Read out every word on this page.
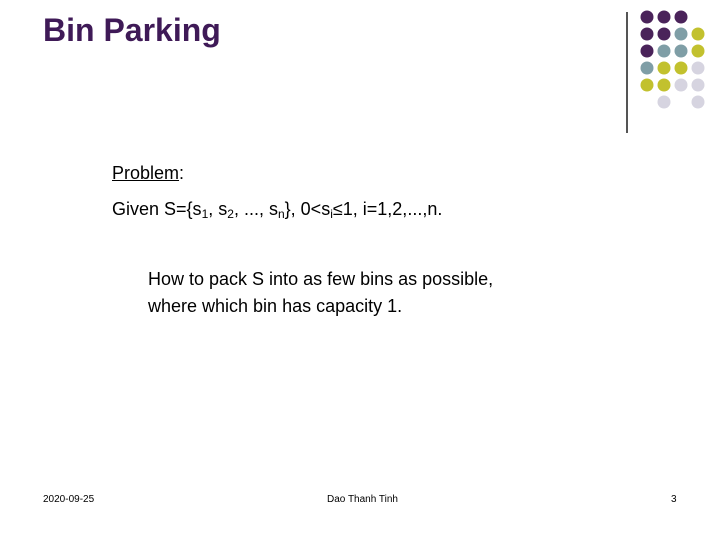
Bin Parking
Problem:
Given $S=\{s_1$, $s_2$, ..., $s_n$}, $0<s_i\le 1$, i=1,2,...,n.
How to pack S into as few bins as possible,
where which bin has capacity 1.
2020-09-25	Dao Thanh Tinh	3
